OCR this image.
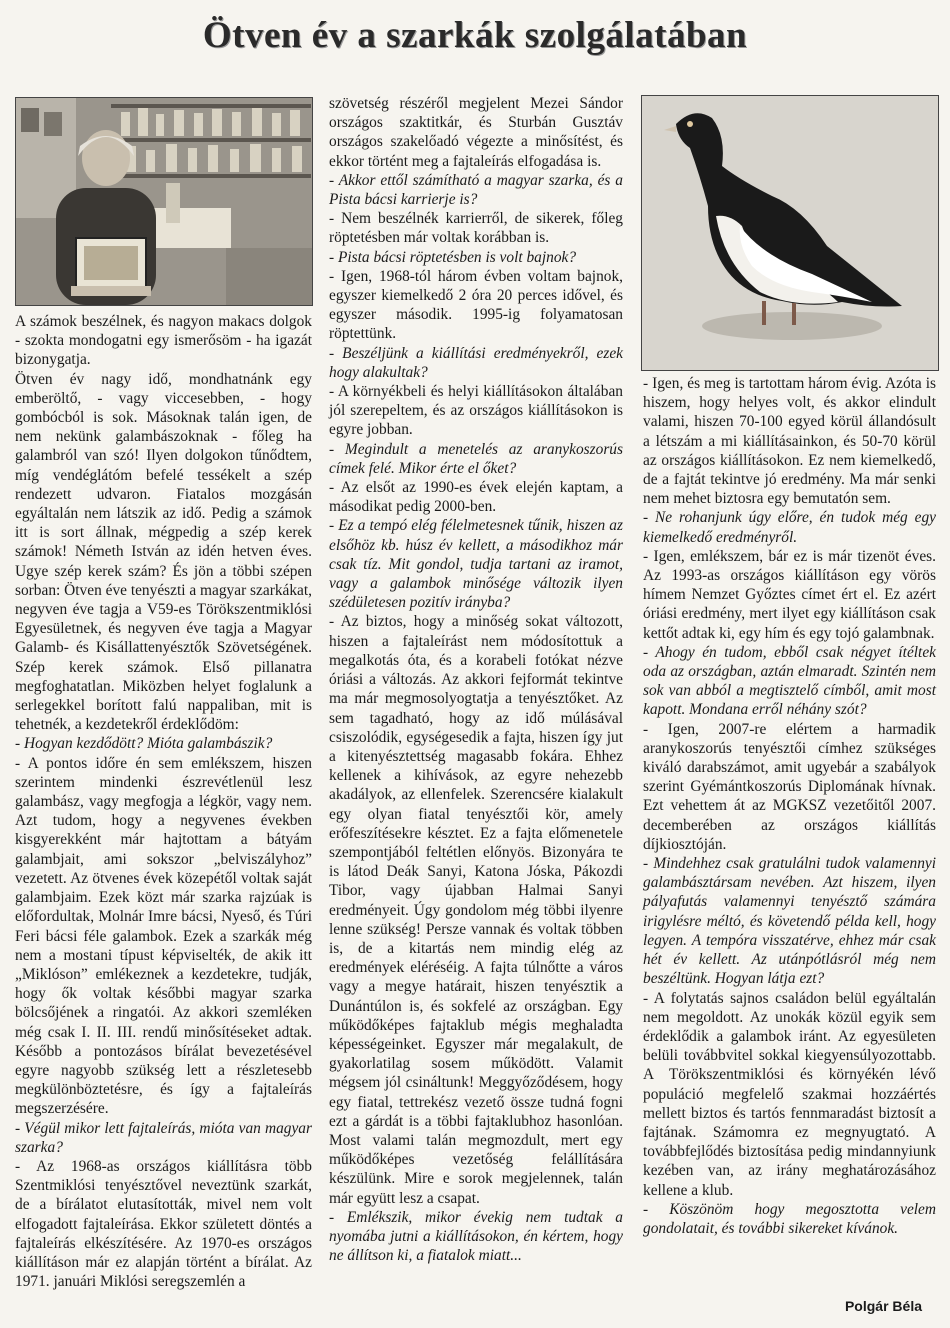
Ötven év a szarkák szolgálatában

A számok beszélnek, és nagyon makacs dolgok - szokta mondogatni egy ismerősöm - ha igazát bizonygatja.

Ötven év nagy idő, mondhatnánk egy emberöltő, - vagy viccesebben, - hogy gombócból is sok. Másoknak talán igen, de nem nekünk galambászoknak - főleg ha galambról van szó! Ilyen dolgokon tűnődtem, míg vendéglátóm befelé tessékelt a szép rendezett udvaron. Fiatalos mozgásán egyáltalán nem látszik az idő. Pedig a számok itt is sort állnak, mégpedig a szép kerek számok! Németh István az idén hetven éves. Ugye szép kerek szám? És jön a többi szépen sorban: Ötven éve tenyészti a magyar szarkákat, negyven éve tagja a V59-es Törökszentmiklósi Egyesületnek, és negyven éve tagja a Magyar Galamb- és Kisállattenyésztők Szövetségének. Szép kerek számok. Első pillanatra megfoghatatlan. Miközben helyet foglalunk a serlegekkel borított falú nappaliban, mit is tehetnék, a kezdetekről érdeklődöm:

- Hogyan kezdődött? Mióta galambászik?

- A pontos időre én sem emlékszem, hiszen szerintem mindenki észrevétlenül lesz galambász, vagy megfogja a légkör, vagy nem. Azt tudom, hogy a negyvenes években kisgyerekként már hajtottam a bátyám galambjait, ami sokszor „belviszályhoz” vezetett. Az ötvenes évek közepétől voltak saját galambjaim. Ezek közt már szarka rajzúak is előfordultak, Molnár Imre bácsi, Nyeső, és Túri Feri bácsi féle galambok. Ezek a szarkák még nem a mostani típust képviselték, de akik itt „Miklóson” emlékeznek a kezdetekre, tudják, hogy ők voltak későbbi magyar szarka bölcsőjének a ringatói. Az akkori szemléken még csak I. II. III. rendű minősítéseket adtak. Később a pontozásos bírálat bevezetésével egyre nagyobb szükség lett a részletesebb megkülönböztetésre, és így a fajtaleírás megszerzésére.

- Végül mikor lett fajtaleírás, mióta van magyar szarka?

- Az 1968-as országos kiállításra több Szentmiklósi tenyésztővel neveztünk szarkát, de a bírálatot elutasították, mivel nem volt elfogadott fajtaleírása. Ekkor született döntés a fajtaleírás elkészítésére. Az 1970-es országos kiállításon már ez alapján történt a bírálat. Az 1971. januári Miklósi seregszemlén a

szövetség részéről megjelent Mezei Sándor országos szaktitkár, és Sturbán Gusztáv országos szakelőadó végezte a minősítést, és ekkor történt meg a fajtaleírás elfogadása is.

- Akkor ettől számítható a magyar szarka, és a Pista bácsi karrierje is?

- Nem beszélnék karrierről, de sikerek, főleg röptetésben már voltak korábban is.

- Pista bácsi röptetésben is volt bajnok?

- Igen, 1968-tól három évben voltam bajnok, egyszer kiemelkedő 2 óra 20 perces idővel, és egyszer második. 1995-ig folyamatosan röptettünk.

- Beszéljünk a kiállítási eredményekről, ezek hogy alakultak?

- A környékbeli és helyi kiállításokon általában jól szerepeltem, és az országos kiállításokon is egyre jobban.

- Megindult a menetelés az aranykoszorús címek felé. Mikor érte el őket?

- Az elsőt az 1990-es évek elején kaptam, a másodikat pedig 2000-ben.

- Ez a tempó elég félelmetesnek tűnik, hiszen az elsőhöz kb. húsz év kellett, a másodikhoz már csak tíz. Mit gondol, tudja tartani az iramot, vagy a galambok minősége változik ilyen szédületesen pozitív irányba?

- Az biztos, hogy a minőség sokat változott, hiszen a fajtaleírást nem módosítottuk a megalkotás óta, és a korabeli fotókat nézve óriási a változás. Az akkori fejformát tekintve ma már megmosolyogtatja a tenyésztőket. Az sem tagadható, hogy az idő múlásával csiszolódik, egységesedik a fajta, hiszen így jut a kitenyésztettség magasabb fokára. Ehhez kellenek a kihívások, az egyre nehezebb akadályok, az ellenfelek. Szerencsére kialakult egy olyan fiatal tenyésztői kör, amely erőfeszítésekre késztet. Ez a fajta előmenetele szempontjából feltétlen előnyös. Bizonyára te is látod Deák Sanyi, Katona Jóska, Pákozdi Tibor, vagy újabban Halmai Sanyi eredményeit. Úgy gondolom még többi ilyenre lenne szükség! Persze vannak és voltak többen is, de a kitartás nem mindig elég az eredmények eléréséig. A fajta túlnőtte a város vagy a megye határait, hiszen tenyésztik a Dunántúlon is, és sokfelé az országban. Egy működőképes fajtaklub mégis meghaladta képességeinket. Egyszer már megalakult, de gyakorlatilag sosem működött. Valamit mégsem jól csináltunk! Meggyőződésem, hogy egy fiatal, tettrekész vezető össze tudná fogni ezt a gárdát is a többi fajtaklubhoz hasonlóan. Most valami talán megmozdult, mert egy működőképes vezetőség felállítására készülünk. Mire e sorok megjelennek, talán már együtt lesz a csapat.

- Emlékszik, mikor évekig nem tudtak a nyomába jutni a kiállításokon, én kértem, hogy ne állítson ki, a fiatalok miatt...

- Igen, és meg is tartottam három évig. Azóta is hiszem, hogy helyes volt, és akkor elindult valami, hiszen 70-100 egyed körül állandósult a létszám a mi kiállításainkon, és 50-70 körül az országos kiállításokon. Ez nem kiemelkedő, de a fajtát tekintve jó eredmény. Ma már senki nem mehet biztosra egy bemutatón sem.

- Ne rohanjunk úgy előre, én tudok még egy kiemelkedő eredményről.

- Igen, emlékszem, bár ez is már tizenöt éves. Az 1993-as országos kiállításon egy vörös hímem Nemzet Győztes címet ért el. Ez azért óriási eredmény, mert ilyet egy kiállításon csak kettőt adtak ki, egy hím és egy tojó galambnak.

- Ahogy én tudom, ebből csak négyet ítéltek oda az országban, aztán elmaradt. Szintén nem sok van abból a megtisztelő címből, amit most kapott. Mondana erről néhány szót?

- Igen, 2007-re elértem a harmadik aranykoszorús tenyésztői címhez szükséges kiváló darabszámot, amit ugyebár a szabályok szerint Gyémántkoszorús Diplomának hívnak. Ezt vehettem át az MGKSZ vezetőitől 2007. decemberében az országos kiállítás díjkiosztóján.

- Mindehhez csak gratulálni tudok valamennyi galambásztársam nevében. Azt hiszem, ilyen pályafutás valamennyi tenyésztő számára irigylésre méltó, és követendő példa kell, hogy legyen. A tempóra visszatérve, ehhez már csak hét év kellett. Az utánpótlásról még nem beszéltünk. Hogyan látja ezt?

- A folytatás sajnos családon belül egyáltalán nem megoldott. Az unokák közül egyik sem érdeklődik a galambok iránt. Az egyesületen belüli továbbvitel sokkal kiegyensúlyozottabb. A Törökszentmiklósi és környékén lévő populáció megfelelő szakmai hozzáértés mellett biztos és tartós fennmaradást biztosít a fajtának. Számomra ez megnyugtató. A továbbfejlődés biztosítása pedig mindannyiunk kezében van, az irány meghatározásához kellene a klub.

- Köszönöm hogy megosztotta velem gondolatait, és további sikereket kívánok.

Polgár Béla
